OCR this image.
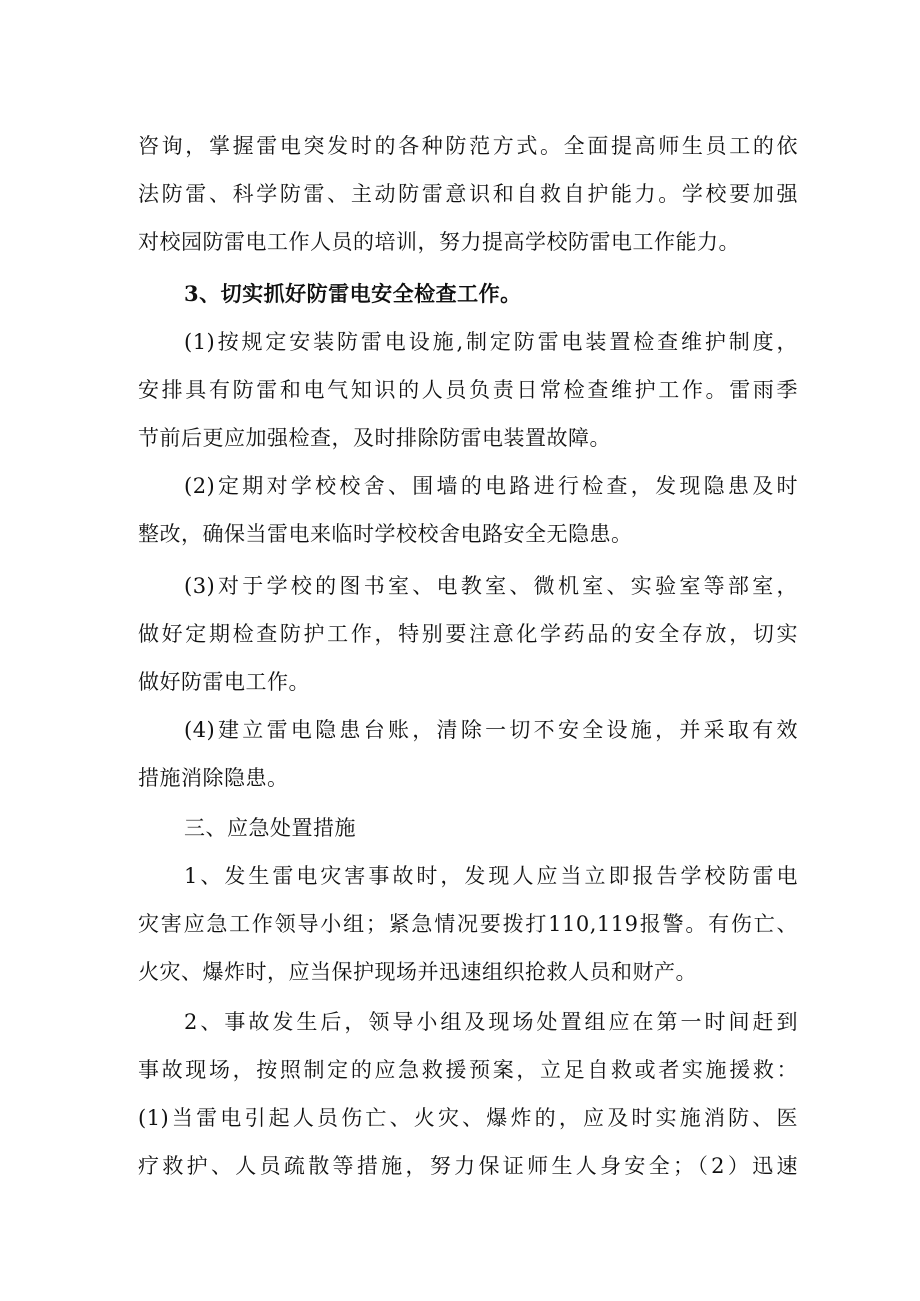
咨询，掌握雷电突发时的各种防范方式。全面提高师生员工的依
法防雷、科学防雷、主动防雷意识和自救自护能力。学校要加强
对校园防雷电工作人员的培训，努力提高学校防雷电工作能力。
3、切实抓好防雷电安全检查工作。
(1)按规定安装防雷电设施,制定防雷电装置检查维护制度，
安排具有防雷和电气知识的人员负责日常检查维护工作。雷雨季
节前后更应加强检查，及时排除防雷电装置故障。
(2)定期对学校校舍、围墙的电路进行检查，发现隐患及时
整改，确保当雷电来临时学校校舍电路安全无隐患。
(3)对于学校的图书室、电教室、微机室、实验室等部室，
做好定期检查防护工作，特别要注意化学药品的安全存放，切实
做好防雷电工作。
(4)建立雷电隐患台账，清除一切不安全设施，并采取有效
措施消除隐患。
三、应急处置措施
1、发生雷电灾害事故时，发现人应当立即报告学校防雷电
灾害应急工作领导小组；紧急情况要拨打110,119报警。有伤亡、
火灾、爆炸时，应当保护现场并迅速组织抢救人员和财产。
2、事故发生后，领导小组及现场处置组应在第一时间赶到
事故现场，按照制定的应急救援预案，立足自救或者实施援救：
(1)当雷电引起人员伤亡、火灾、爆炸的，应及时实施消防、医
疗救护、人员疏散等措施，努力保证师生人身安全；（2）迅速
